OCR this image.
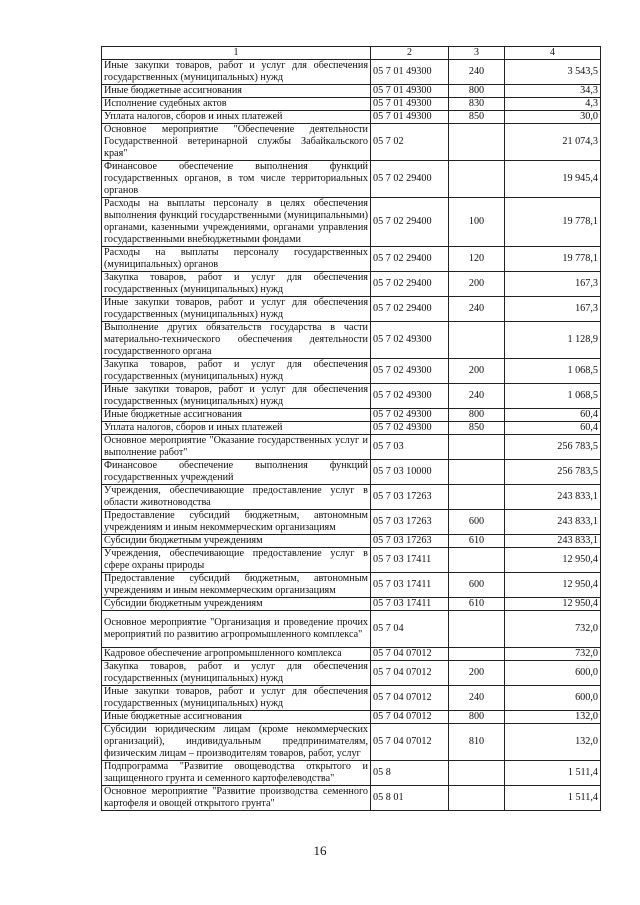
1	2	3	4
Иные закупки товаров, работ и услуг для обеспечения государственных (муниципальных) нужд	05 7 01 49300	240	3 543,5
Иные бюджетные ассигнования	05 7 01 49300	800	34,3
Исполнение судебных актов	05 7 01 49300	830	4,3
Уплата налогов, сборов и иных платежей	05 7 01 49300	850	30,0
Основное мероприятие "Обеспечение деятельности Государственной ветеринарной службы Забайкальского края"	05 7 02		21 074,3
Финансовое обеспечение выполнения функций государственных органов, в том числе территориальных органов	05 7 02 29400		19 945,4
Расходы на выплаты персоналу в целях обеспечения выполнения функций государственными (муниципальными) органами, казенными учреждениями, органами управления государственными внебюджетными фондами	05 7 02 29400	100	19 778,1
Расходы на выплаты персоналу государственных (муниципальных) органов	05 7 02 29400	120	19 778,1
Закупка товаров, работ и услуг для обеспечения государственных (муниципальных) нужд	05 7 02 29400	200	167,3
Иные закупки товаров, работ и услуг для обеспечения государственных (муниципальных) нужд	05 7 02 29400	240	167,3
Выполнение других обязательств государства в части материально-технического обеспечения деятельности государственного органа	05 7 02 49300		1 128,9
Закупка товаров, работ и услуг для обеспечения государственных (муниципальных) нужд	05 7 02 49300	200	1 068,5
Иные закупки товаров, работ и услуг для обеспечения государственных (муниципальных) нужд	05 7 02 49300	240	1 068,5
Иные бюджетные ассигнования	05 7 02 49300	800	60,4
Уплата налогов, сборов и иных платежей	05 7 02 49300	850	60,4
Основное мероприятие "Оказание государственных услуг и выполнение работ"	05 7 03		256 783,5
Финансовое обеспечение выполнения функций государственных учреждений	05 7 03 10000		256 783,5
Учреждения, обеспечивающие предоставление услуг в области животноводства	05 7 03 17263		243 833,1
Предоставление субсидий бюджетным, автономным учреждениям и иным некоммерческим организациям	05 7 03 17263	600	243 833,1
Субсидии бюджетным учреждениям	05 7 03 17263	610	243 833,1
Учреждения, обеспечивающие предоставление услуг в сфере охраны природы	05 7 03 17411		12 950,4
Предоставление субсидий бюджетным, автономным учреждениям и иным некоммерческим организациям	05 7 03 17411	600	12 950,4
Субсидии бюджетным учреждениям	05 7 03 17411	610	12 950,4
Основное мероприятие "Организация и проведение прочих мероприятий по развитию агропромышленного комплекса"	05 7 04		732,0
Кадровое обеспечение агропромышленного комплекса	05 7 04 07012		732,0
Закупка товаров, работ и услуг для обеспечения государственных (муниципальных) нужд	05 7 04 07012	200	600,0
Иные закупки товаров, работ и услуг для обеспечения государственных (муниципальных) нужд	05 7 04 07012	240	600,0
Иные бюджетные ассигнования	05 7 04 07012	800	132,0
Субсидии юридическим лицам (кроме некоммерческих организаций), индивидуальным предпринимателям, физическим лицам – производителям товаров, работ, услуг	05 7 04 07012	810	132,0
Подпрограмма "Развитие овощеводства открытого и защищенного грунта и семенного картофелеводства"	05 8		1 511,4
Основное мероприятие "Развитие производства семенного картофеля и овощей открытого грунта"	05 8 01		1 511,4
16
